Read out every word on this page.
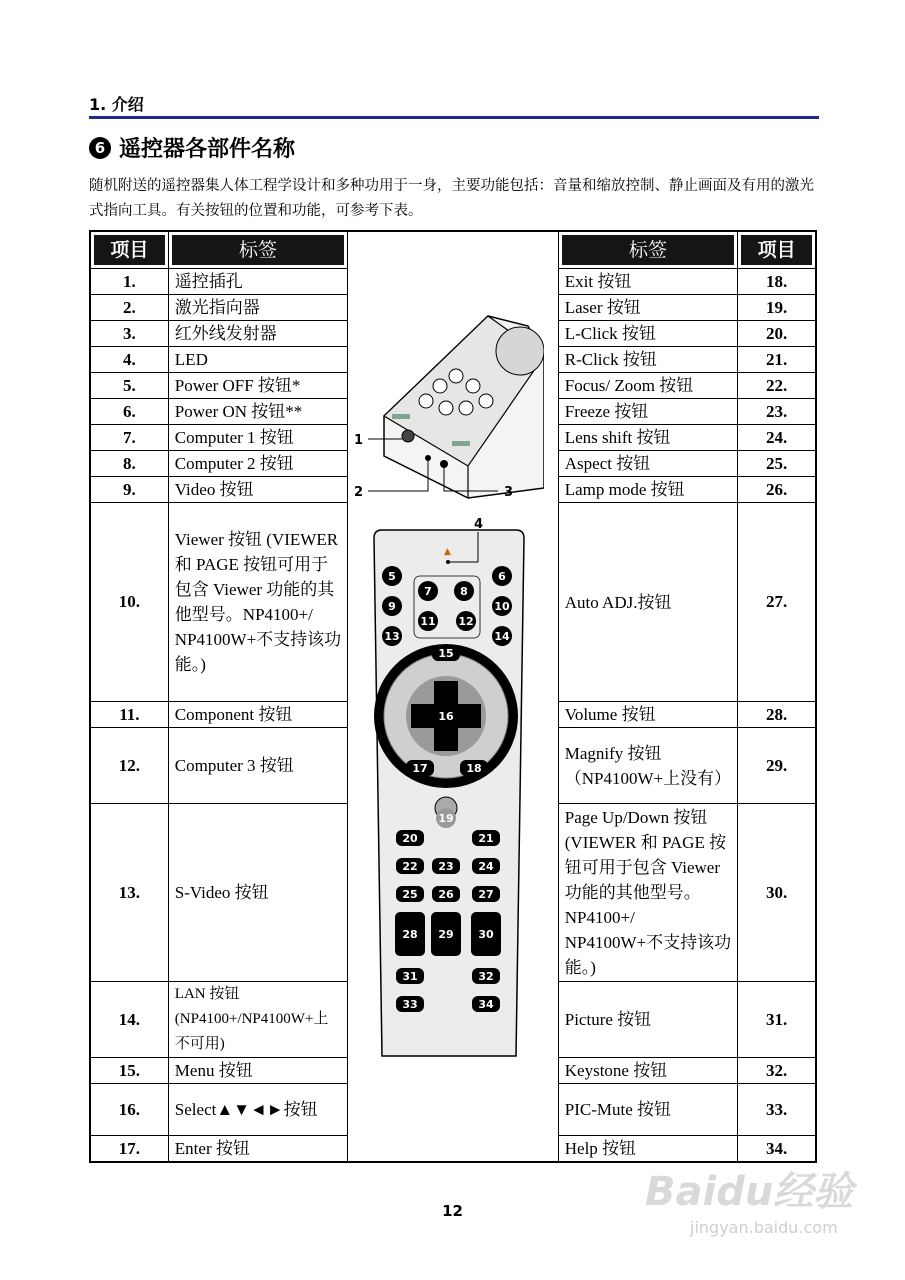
1. 介绍
6 遥控器各部件名称
随机附送的遥控器集人体工程学设计和多种功用于一身，主要功能包括：音量和缩放控制、静止画面及有用的激光式指向工具。有关按钮的位置和功能，可参考下表。
项目	标签		标签	项目

1.	遥控插孔		Exit 按钮	18.
2.	激光指向器		Laser 按钮	19.
3.	红外线发射器		L-Click 按钮	20.
4.	LED		R-Click 按钮	21.
5.	Power OFF 按钮*		Focus/ Zoom 按钮	22.
6.	Power ON 按钮**		Freeze 按钮	23.
7.	Computer 1 按钮		Lens shift 按钮	24.
8.	Computer 2 按钮		Aspect 按钮	25.
9.	Video 按钮		Lamp mode 按钮	26.
10.	Viewer 按钮 (VIEWER 和 PAGE 按钮可用于包含 Viewer 功能的其他型号。NP4100+/ NP4100W+不支持该功能。)		Auto ADJ.按钮	27.
11.	Component 按钮		Volume 按钮	28.
12.	Computer 3 按钮		Magnify 按钮（NP4100W+上没有）	29.
13.	S-Video 按钮		Page Up/Down 按钮 (VIEWER 和 PAGE 按钮可用于包含 Viewer 功能的其他型号。NP4100+/ NP4100W+不支持该功能。)	30.
14.	LAN 按钮 (NP4100+/NP4100W+上不可用)		Picture 按钮	31.
15.	Menu 按钮		Keystone 按钮	32.
16.	Select▲▼◄►按钮		PIC-Mute 按钮	33.
17.	Enter 按钮		Help 按钮	34.
1
2	3
4
▲
5	6
7	8
9	10
11 12
13	14
15
16
17	18
19
20	21
22 23 24
25 26 27
28 29 30
31	32
33	34
12	Baidu经验
jingyan.baidu.com
